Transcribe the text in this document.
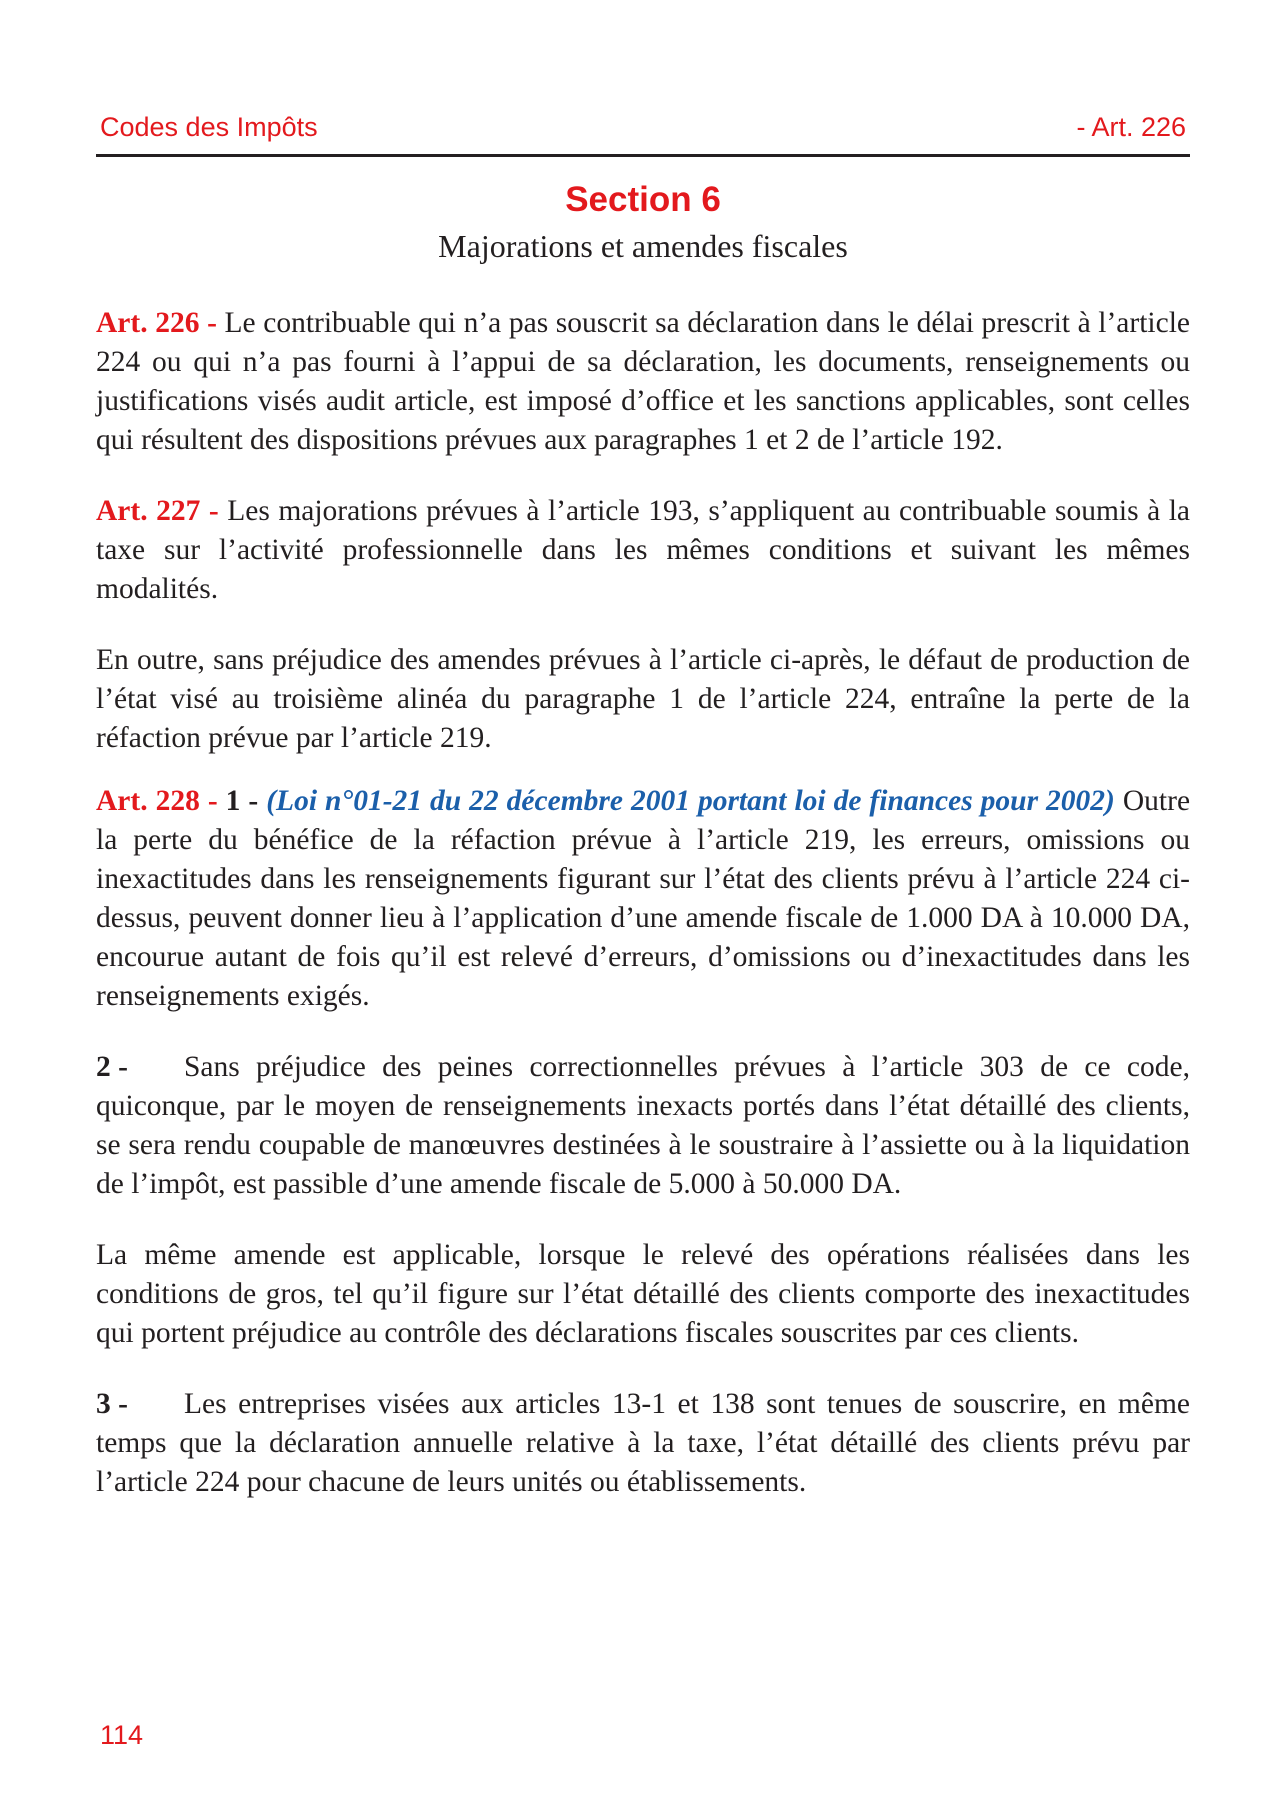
Codes des Impôts	- Art. 226
Section 6
Majorations et amendes fiscales

Art. 226 - Le contribuable qui n’a pas souscrit sa déclaration dans le délai prescrit à l’article 224 ou qui n’a pas fourni à l’appui de sa déclaration, les documents, renseignements ou justifications visés audit article, est imposé d’office et les sanctions applicables, sont celles qui résultent des dispositions prévues aux paragraphes 1 et 2 de l’article 192.

Art. 227 - Les majorations prévues à l’article 193, s’appliquent au contribuable soumis à la taxe sur l’activité professionnelle dans les mêmes conditions et suivant les mêmes modalités.

En outre, sans préjudice des amendes prévues à l’article ci-après, le défaut de production de l’état visé au troisième alinéa du paragraphe 1 de l’article 224, entraîne la perte de la réfaction prévue par l’article 219.

Art. 228 - 1 - (Loi n°01-21 du 22 décembre 2001 portant loi de finances pour 2002) Outre la perte du bénéfice de la réfaction prévue à l’article 219, les erreurs, omissions ou inexactitudes dans les renseignements figurant sur l’état des clients prévu à l’article 224 ci-dessus, peuvent donner lieu à l’application d’une amende fiscale de 1.000 DA à 10.000 DA, encourue autant de fois qu’il est relevé d’erreurs, d’omissions ou d’inexactitudes dans les renseignements exigés.

2 - Sans préjudice des peines correctionnelles prévues à l’article 303 de ce code, quiconque, par le moyen de renseignements inexacts portés dans l’état détaillé des clients, se sera rendu coupable de manœuvres destinées à le soustraire à l’assiette ou à la liquidation de l’impôt, est passible d’une amende fiscale de 5.000 à 50.000 DA.

La même amende est applicable, lorsque le relevé des opérations réalisées dans les conditions de gros, tel qu’il figure sur l’état détaillé des clients comporte des inexactitudes qui portent préjudice au contrôle des déclarations fiscales souscrites par ces clients.

3 - Les entreprises visées aux articles 13-1 et 138 sont tenues de souscrire, en même temps que la déclaration annuelle relative à la taxe, l’état détaillé des clients prévu par l’article 224 pour chacune de leurs unités ou établissements.

114
